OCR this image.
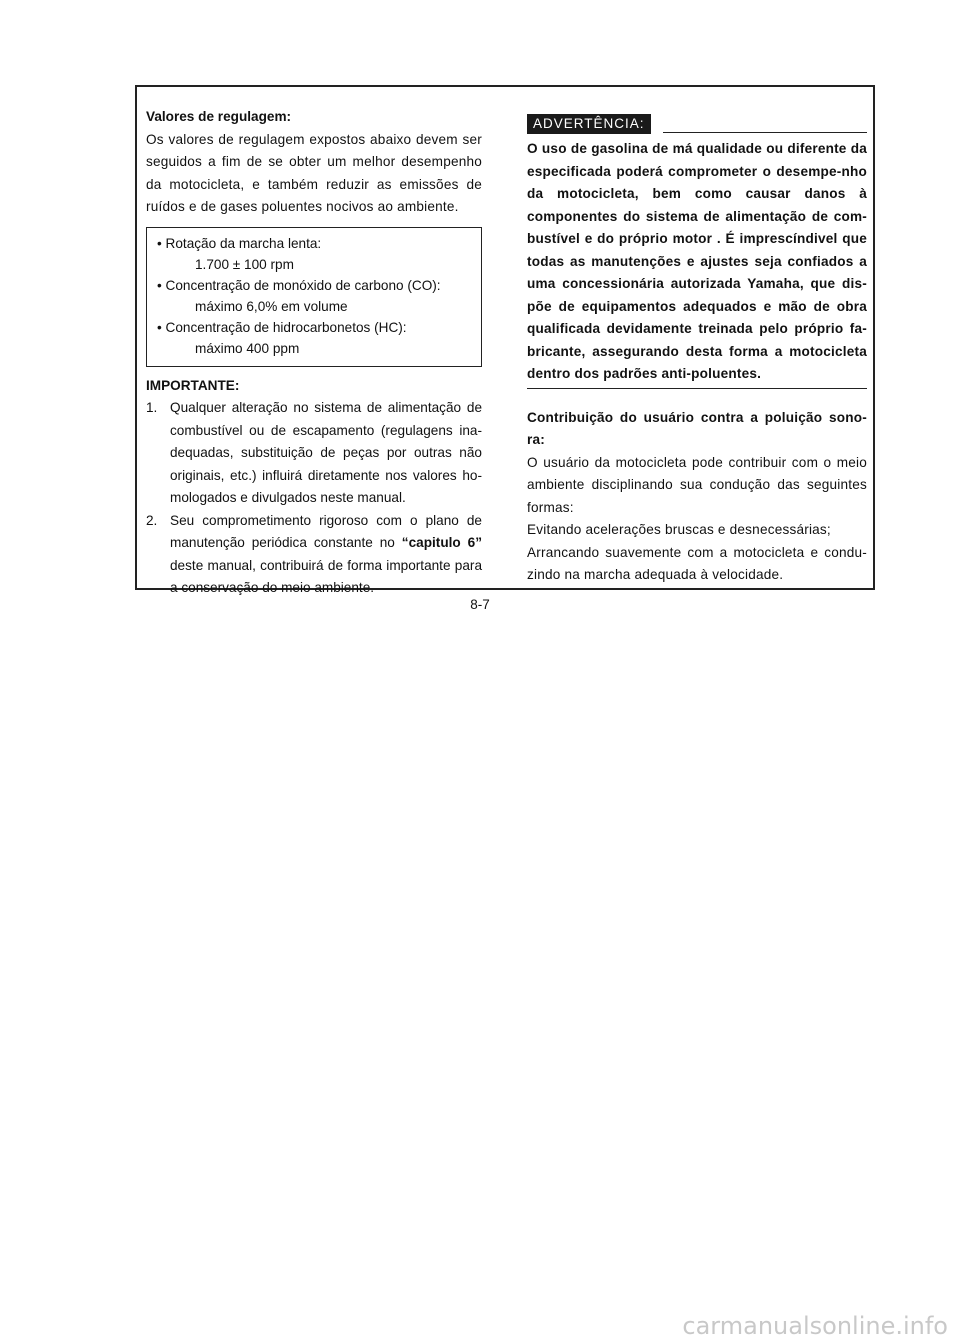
Valores de regulagem:
Os valores de regulagem expostos abaixo devem ser seguidos a fim de se obter um melhor desempenho da motocicleta, e também reduzir as emissões de ruídos e de gases poluentes nocivos ao ambiente.
• Rotação da marcha lenta:
1.700 ± 100 rpm
• Concentração de monóxido de carbono (CO):
máximo 6,0% em volume
• Concentração de hidrocarbonetos (HC):
máximo 400 ppm
IMPORTANTE:
1. Qualquer alteração no sistema de alimentação de combustível ou de escapamento (regulagens ina-dequadas, substituição de peças por outras não originais, etc.) influirá diretamente nos valores ho-mologados e divulgados neste manual.
2. Seu comprometimento rigoroso com o plano de manutenção periódica constante no “capitulo 6” deste manual, contribuirá de forma importante para a conservação do meio ambiente.
ADVERTÊNCIA:
O uso de gasolina de má qualidade ou diferente da especificada poderá comprometer o desempe-nho da motocicleta, bem como causar danos à componentes do sistema de alimentação de com-bustível e do próprio motor . É imprescíndivel que todas as manutenções e ajustes seja confiados a uma concessionária autorizada Yamaha, que dis-põe de equipamentos adequados e mão de obra qualificada devidamente treinada pelo próprio fa-bricante, assegurando desta forma a motocicleta dentro dos padrões anti-poluentes.
Contribuição do usuário contra a poluição sono-ra:
O usuário da motocicleta pode contribuir com o meio ambiente disciplinando sua condução das seguintes formas:
Evitando acelerações bruscas e desnecessárias;
Arrancando suavemente com a motocicleta e condu-zindo na marcha adequada à velocidade.
8-7
carmanualsonline.info
